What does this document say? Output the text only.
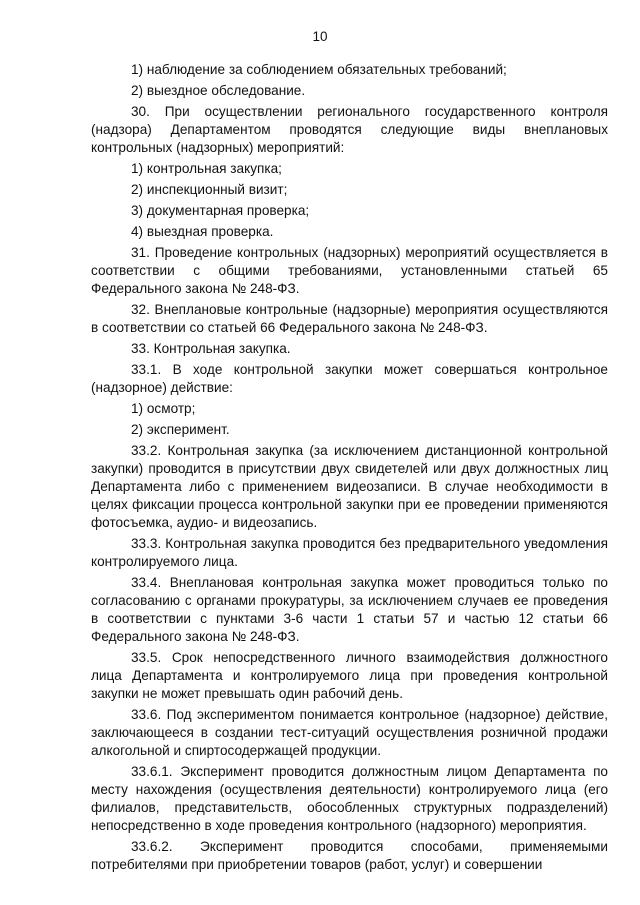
10

1) наблюдение за соблюдением обязательных требований;

2) выездное обследование.

30. При осуществлении регионального государственного контроля (надзора) Департаментом проводятся следующие виды внеплановых контрольных (надзорных) мероприятий:

1) контрольная закупка;

2) инспекционный визит;

3) документарная проверка;

4) выездная проверка.

31. Проведение контрольных (надзорных) мероприятий осуществляется в соответствии с общими требованиями, установленными статьей 65 Федерального закона № 248-ФЗ.

32. Внеплановые контрольные (надзорные) мероприятия осуществляются в соответствии со статьей 66 Федерального закона № 248-ФЗ.

33. Контрольная закупка.

33.1. В ходе контрольной закупки может совершаться контрольное (надзорное) действие:

1) осмотр;

2) эксперимент.

33.2. Контрольная закупка (за исключением дистанционной контрольной закупки) проводится в присутствии двух свидетелей или двух должностных лиц Департамента либо с применением видеозаписи. В случае необходимости в целях фиксации процесса контрольной закупки при ее проведении применяются фотосъемка, аудио- и видеозапись.

33.3. Контрольная закупка проводится без предварительного уведомления контролируемого лица.

33.4. Внеплановая контрольная закупка может проводиться только по согласованию с органами прокуратуры, за исключением случаев ее проведения в соответствии с пунктами 3-6 части 1 статьи 57 и частью 12 статьи 66 Федерального закона № 248-ФЗ.

33.5. Срок непосредственного личного взаимодействия должностного лица Департамента и контролируемого лица при проведения контрольной закупки не может превышать один рабочий день.

33.6. Под экспериментом понимается контрольное (надзорное) действие, заключающееся в создании тест-ситуаций осуществления розничной продажи алкогольной и спиртосодержащей продукции.

33.6.1. Эксперимент проводится должностным лицом Департамента по месту нахождения (осуществления деятельности) контролируемого лица (его филиалов, представительств, обособленных структурных подразделений) непосредственно в ходе проведения контрольного (надзорного) мероприятия.

33.6.2. Эксперимент проводится способами, применяемыми потребителями при приобретении товаров (работ, услуг) и совершении
